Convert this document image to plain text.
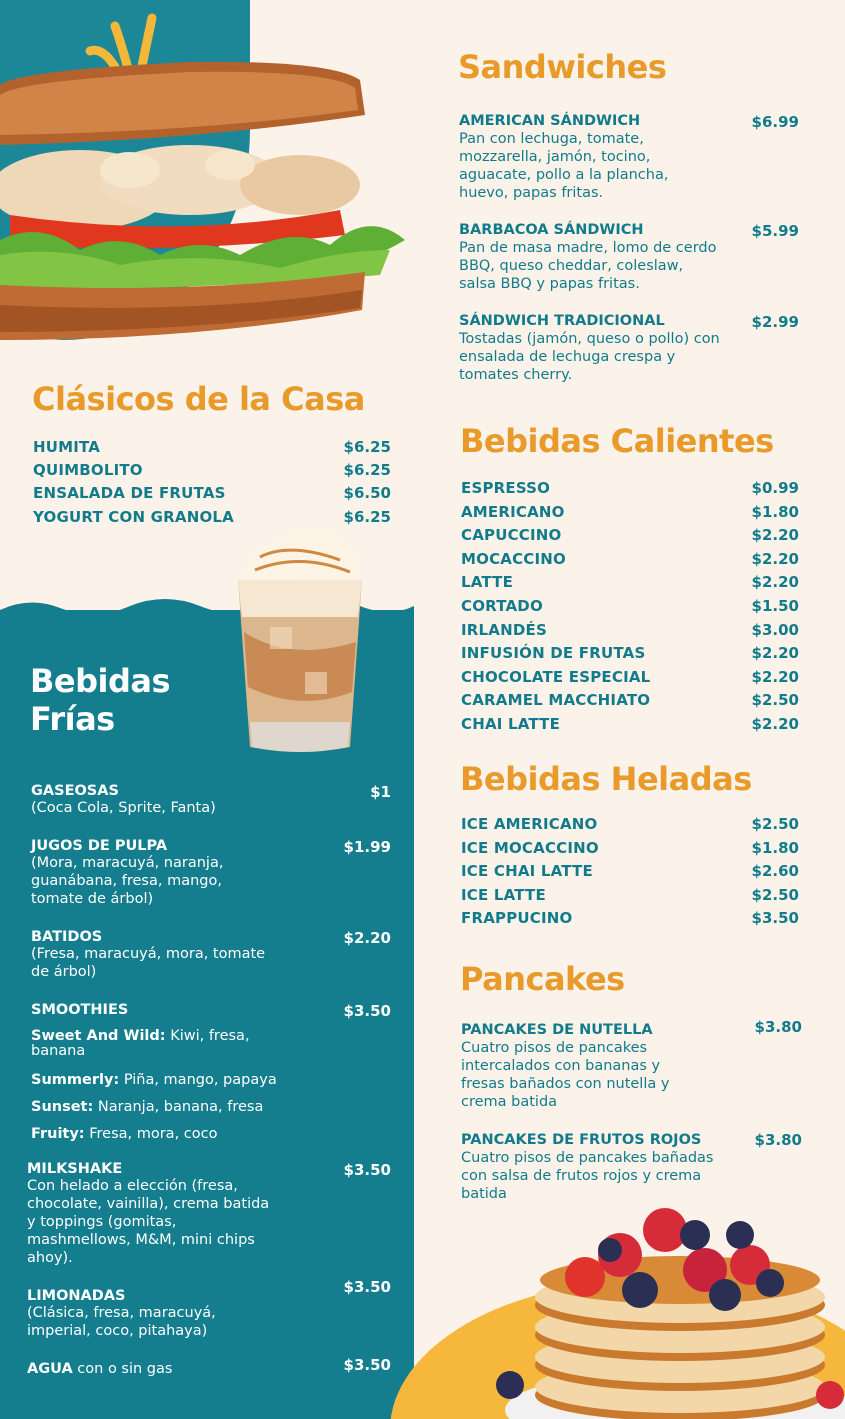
Clásicos de la Casa
HUMITA	$6.25
QUIMBOLITO	$6.25
ENSALADA DE FRUTAS	$6.50
YOGURT CON GRANOLA	$6.25
Bebidas
Frías
GASEOSAS
(Coca Cola, Sprite, Fanta)
$1
JUGOS DE PULPA
(Mora, maracuyá, naranja, guanábana, fresa, mango, tomate de árbol)
$1.99
BATIDOS
(Fresa, maracuyá, mora, tomate de árbol)
$2.20
SMOOTHIES	$3.50
Sweet And Wild: Kiwi, fresa, banana
Summerly: Piña, mango, papaya
Sunset: Naranja, banana, fresa
Fruity: Fresa, mora, coco
MILKSHAKE
Con helado a elección (fresa, chocolate, vainilla), crema batida y toppings (gomitas, mashmellows, M&M, mini chips ahoy).
$3.50
LIMONADAS
(Clásica, fresa, maracuyá, imperial, coco, pitahaya)
$3.50
AGUA con o sin gas	$3.50
Sandwiches
AMERICAN SÁNDWICH
Pan con lechuga, tomate, mozzarella, jamón, tocino, aguacate, pollo a la plancha, huevo, papas fritas.
$6.99
BARBACOA SÁNDWICH
Pan de masa madre, lomo de cerdo BBQ, queso cheddar, coleslaw, salsa BBQ y papas fritas.
$5.99
SÁNDWICH TRADICIONAL
Tostadas (jamón, queso o pollo) con ensalada de lechuga crespa y tomates cherry.
$2.99
Bebidas Calientes
ESPRESSO	$0.99
AMERICANO	$1.80
CAPUCCINO	$2.20
MOCACCINO	$2.20
LATTE	$2.20
CORTADO	$1.50
IRLANDÉS	$3.00
INFUSIÓN DE FRUTAS	$2.20
CHOCOLATE ESPECIAL	$2.20
CARAMEL MACCHIATO	$2.50
CHAI LATTE	$2.20
Bebidas Heladas
ICE AMERICANO	$2.50
ICE MOCACCINO	$1.80
ICE CHAI LATTE	$2.60
ICE LATTE	$2.50
FRAPPUCINO	$3.50
Pancakes
PANCAKES DE NUTELLA
Cuatro pisos de pancakes intercalados con bananas y fresas bañados con nutella y crema batida
$3.80
PANCAKES DE FRUTOS ROJOS
Cuatro pisos de pancakes bañadas con salsa de frutos rojos y crema batida
$3.80
